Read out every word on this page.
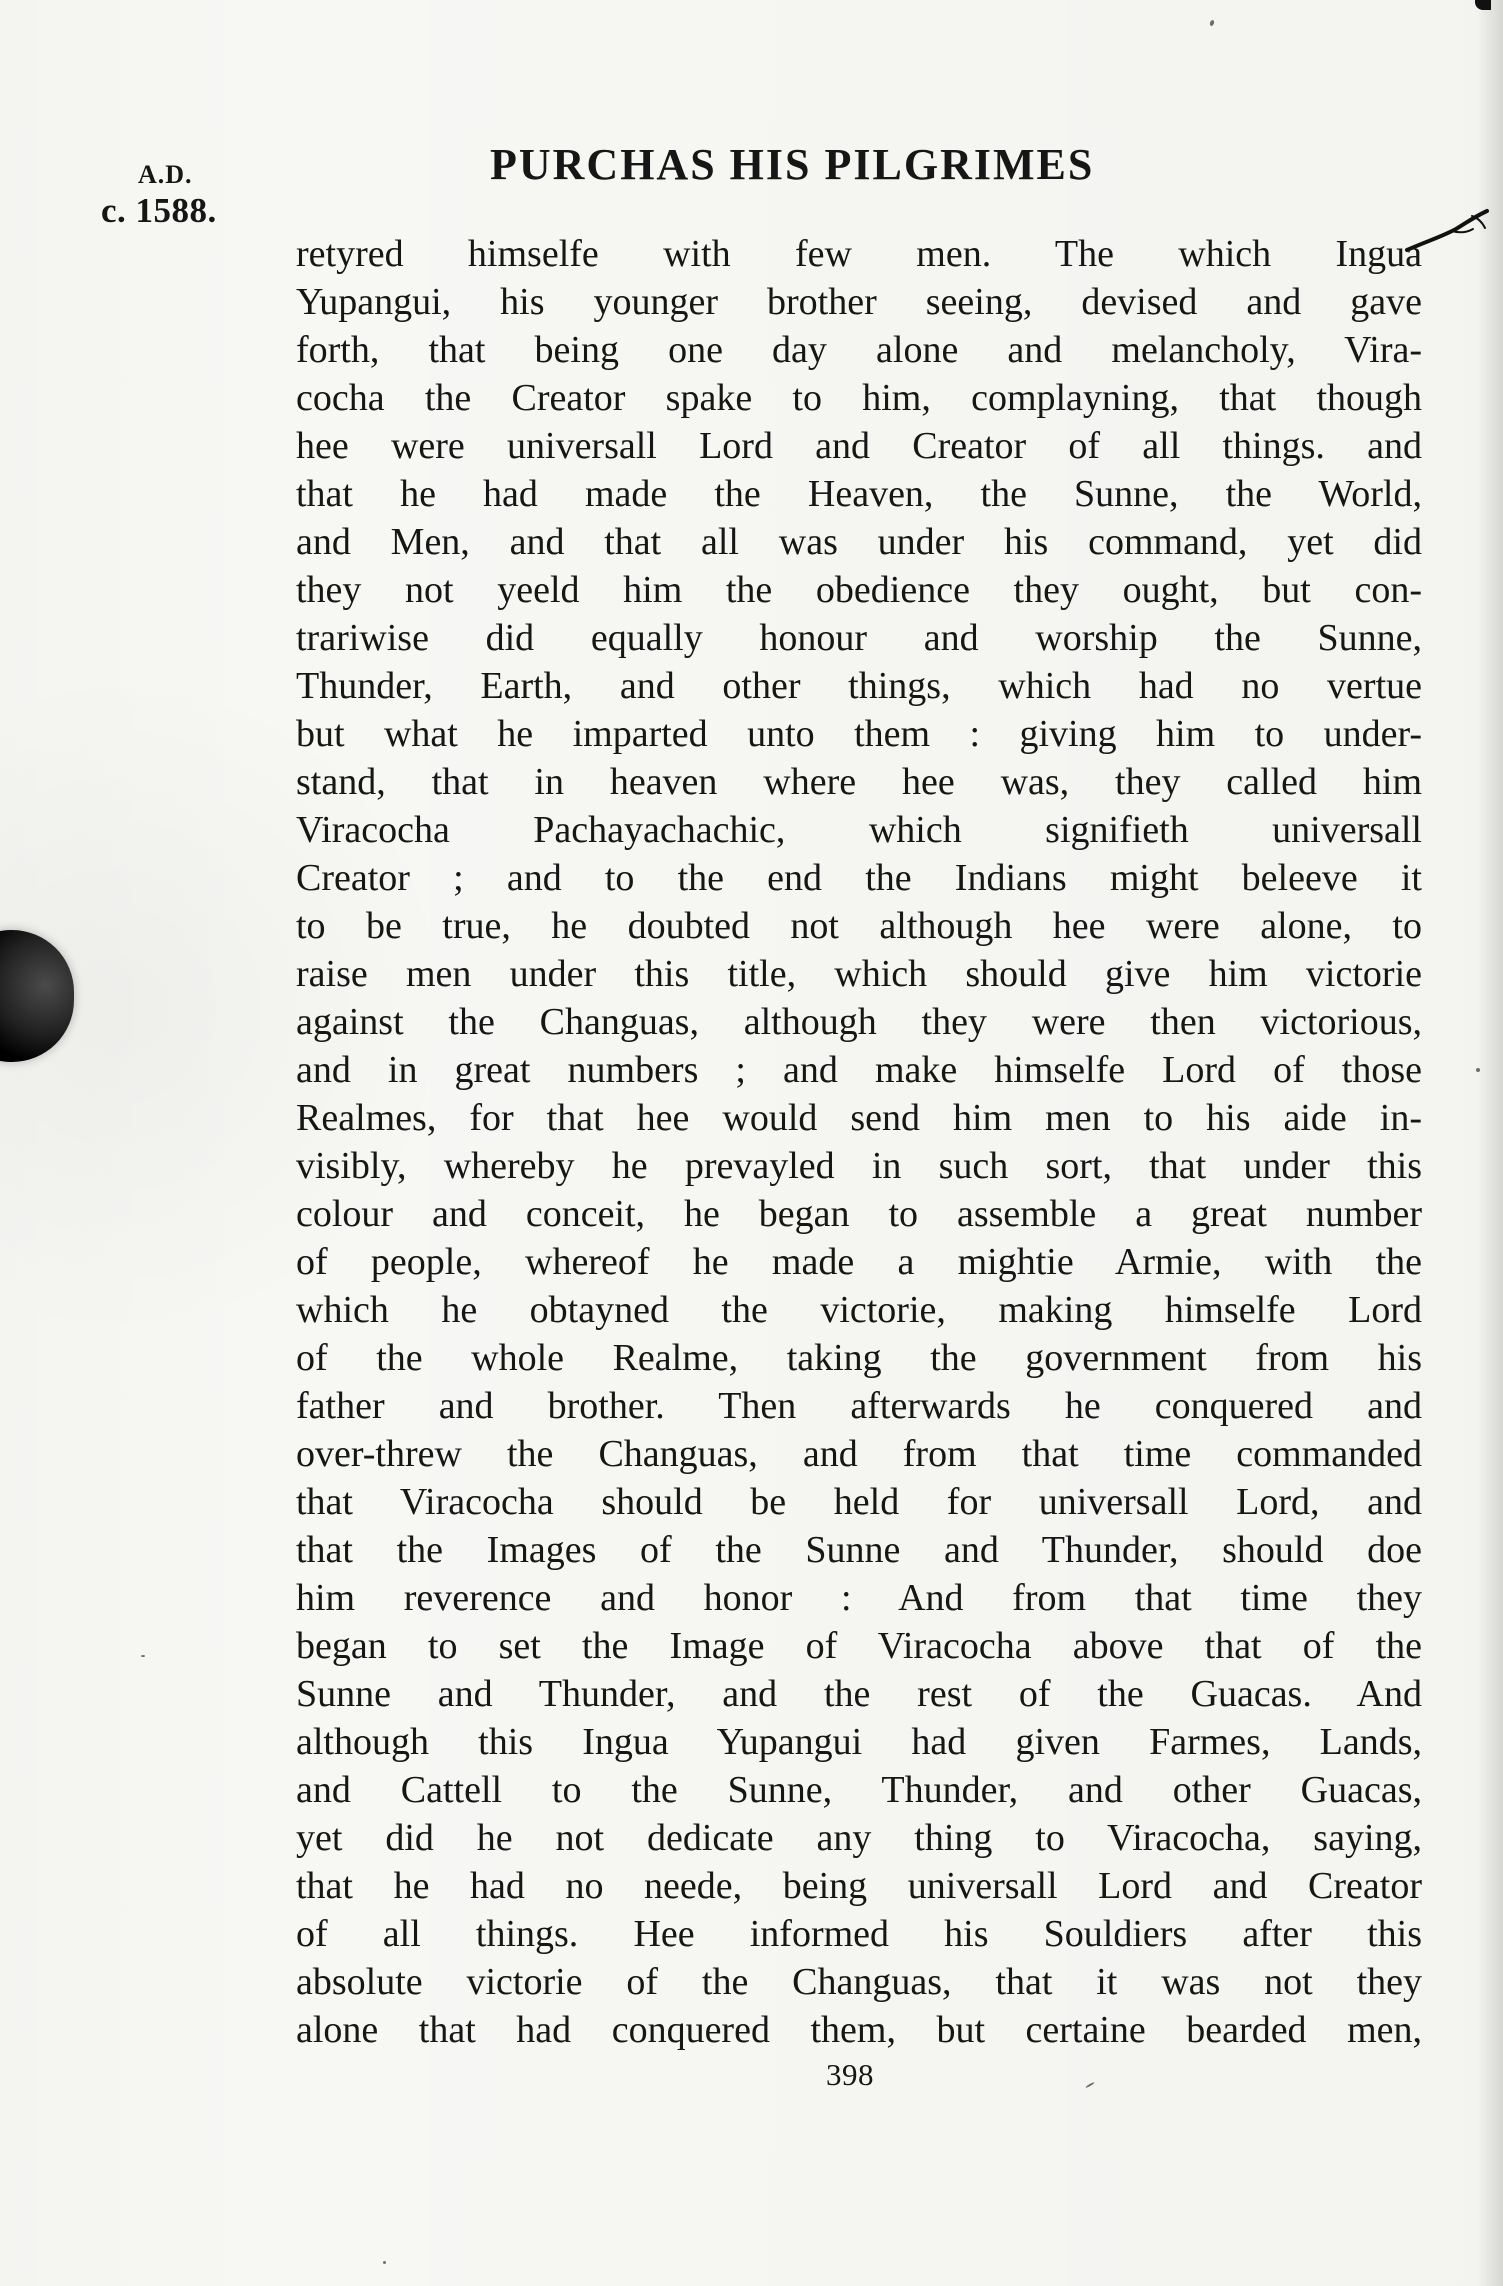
A.D.
c. 1588.
PURCHAS HIS PILGRIMES
retyred himselfe with few men. The which Ingua
Yupangui, his younger brother seeing, devised and gave
forth, that being one day alone and melancholy, Vira-
cocha the Creator spake to him, complayning, that though
hee were universall Lord and Creator of all things. and
that he had made the Heaven, the Sunne, the World,
and Men, and that all was under his command, yet did
they not yeeld him the obedience they ought, but con-
trariwise did equally honour and worship the Sunne,
Thunder, Earth, and other things, which had no vertue
but what he imparted unto them : giving him to under-
stand, that in heaven where hee was, they called him
Viracocha Pachayachachic, which signifieth universall
Creator ; and to the end the Indians might beleeve it
to be true, he doubted not although hee were alone, to
raise men under this title, which should give him victorie
against the Changuas, although they were then victorious,
and in great numbers ; and make himselfe Lord of those
Realmes, for that hee would send him men to his aide in-
visibly, whereby he prevayled in such sort, that under this
colour and conceit, he began to assemble a great number
of people, whereof he made a mightie Armie, with the
which he obtayned the victorie, making himselfe Lord
of the whole Realme, taking the government from his
father and brother. Then afterwards he conquered and
over-threw the Changuas, and from that time commanded
that Viracocha should be held for universall Lord, and
that the Images of the Sunne and Thunder, should doe
him reverence and honor : And from that time they
began to set the Image of Viracocha above that of the
Sunne and Thunder, and the rest of the Guacas. And
although this Ingua Yupangui had given Farmes, Lands,
and Cattell to the Sunne, Thunder, and other Guacas,
yet did he not dedicate any thing to Viracocha, saying,
that he had no neede, being universall Lord and Creator
of all things. Hee informed his Souldiers after this
absolute victorie of the Changuas, that it was not they
alone that had conquered them, but certaine bearded men,
398
